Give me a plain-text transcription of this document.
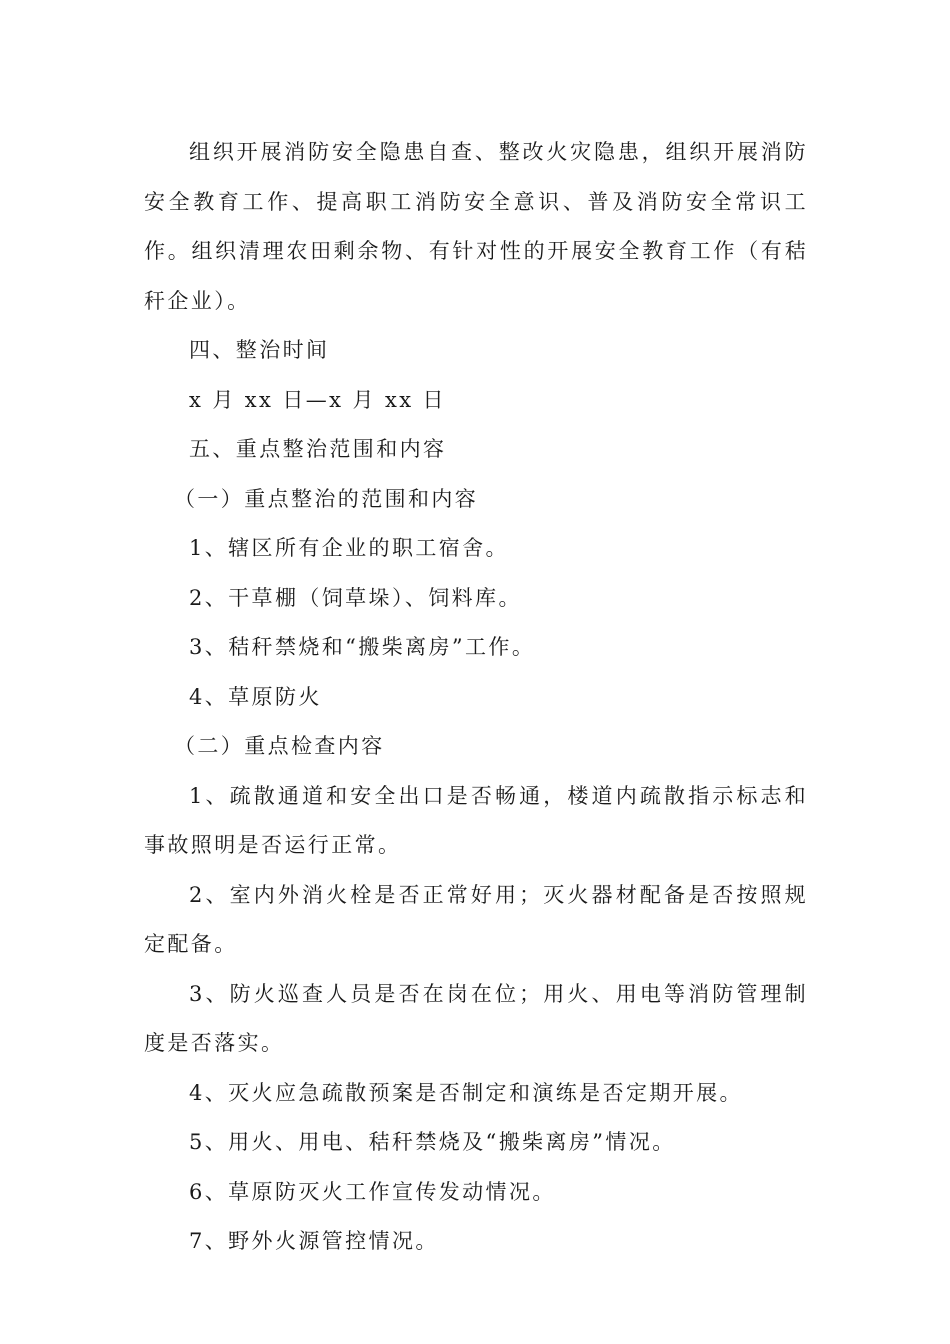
组织开展消防安全隐患自查、整改火灾隐患，组织开展消防安全教育工作、提高职工消防安全意识、普及消防安全常识工作。组织清理农田剩余物、有针对性的开展安全教育工作（有秸秆企业）。

四、整治时间

x 月 xx 日—x 月 xx 日

五、重点整治范围和内容

（一）重点整治的范围和内容

1、辖区所有企业的职工宿舍。

2、干草棚（饲草垛）、饲料库。

3、秸秆禁烧和“搬柴离房”工作。

4、草原防火

（二）重点检查内容

1、疏散通道和安全出口是否畅通，楼道内疏散指示标志和事故照明是否运行正常。

2、室内外消火栓是否正常好用；灭火器材配备是否按照规定配备。

3、防火巡查人员是否在岗在位；用火、用电等消防管理制度是否落实。

4、灭火应急疏散预案是否制定和演练是否定期开展。

5、用火、用电、秸秆禁烧及“搬柴离房”情况。

6、草原防灭火工作宣传发动情况。

7、野外火源管控情况。
